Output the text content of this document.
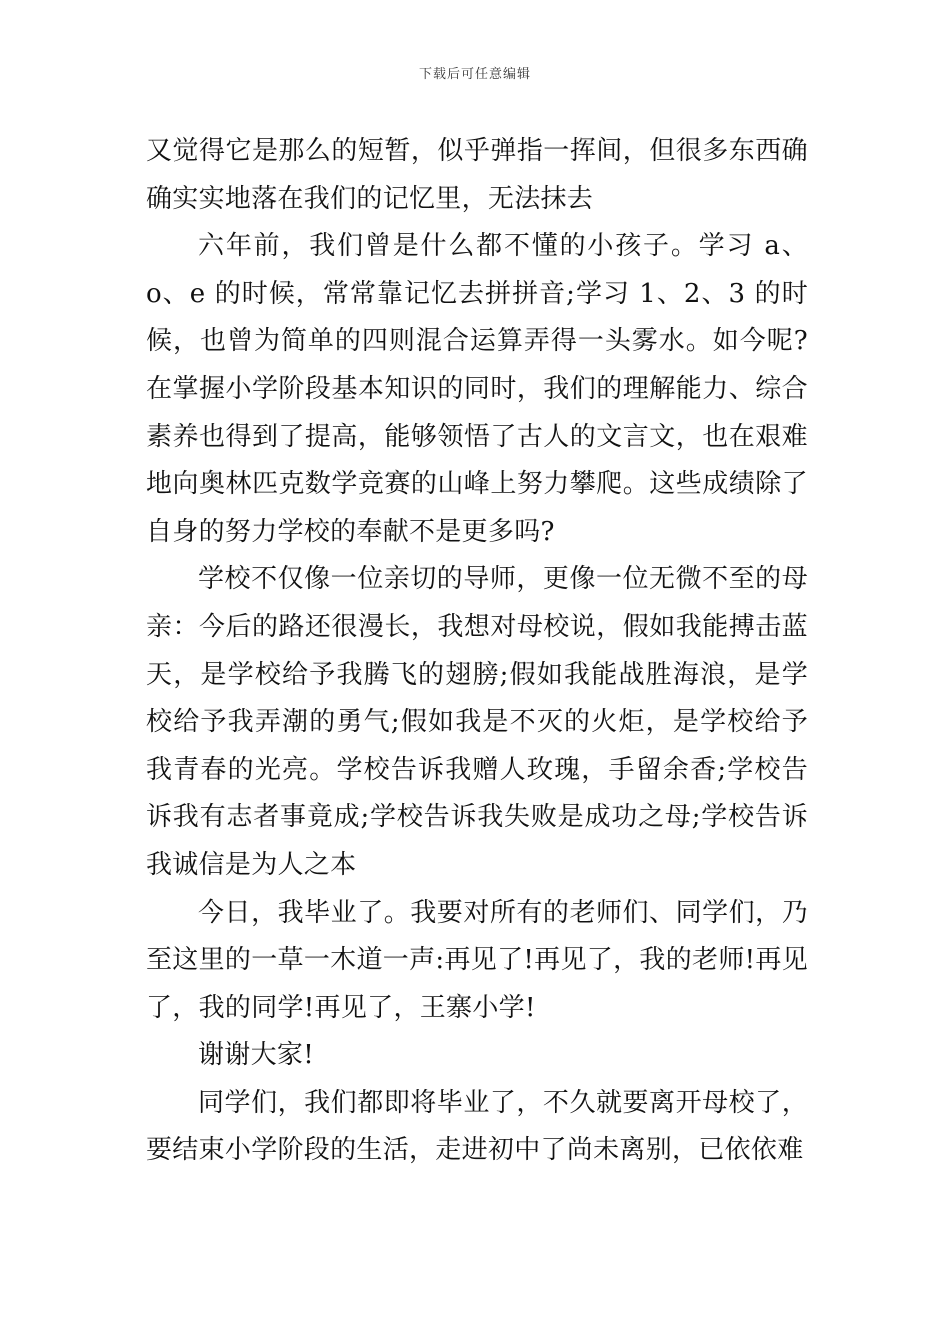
下载后可任意编辑

又觉得它是那么的短暂，似乎弹指一挥间，但很多东西确确实实地落在我们的记忆里，无法抹去

六年前，我们曾是什么都不懂的小孩子。学习 a、o、e 的时候，常常靠记忆去拼拼音;学习 1、2、3 的时候，也曾为简单的四则混合运算弄得一头雾水。如今呢?在掌握小学阶段基本知识的同时，我们的理解能力、综合素养也得到了提高，能够领悟了古人的文言文，也在艰难地向奥林匹克数学竞赛的山峰上努力攀爬。这些成绩除了自身的努力学校的奉献不是更多吗?

学校不仅像一位亲切的导师，更像一位无微不至的母亲：今后的路还很漫长，我想对母校说，假如我能搏击蓝天，是学校给予我腾飞的翅膀;假如我能战胜海浪，是学校给予我弄潮的勇气;假如我是不灭的火炬，是学校给予我青春的光亮。学校告诉我赠人玫瑰，手留余香;学校告诉我有志者事竟成;学校告诉我失败是成功之母;学校告诉我诚信是为人之本

今日，我毕业了。我要对所有的老师们、同学们，乃至这里的一草一木道一声:再见了!再见了，我的老师!再见了，我的同学!再见了，王寨小学!

谢谢大家!

同学们，我们都即将毕业了，不久就要离开母校了，要结束小学阶段的生活，走进初中了尚未离别，已依依难
